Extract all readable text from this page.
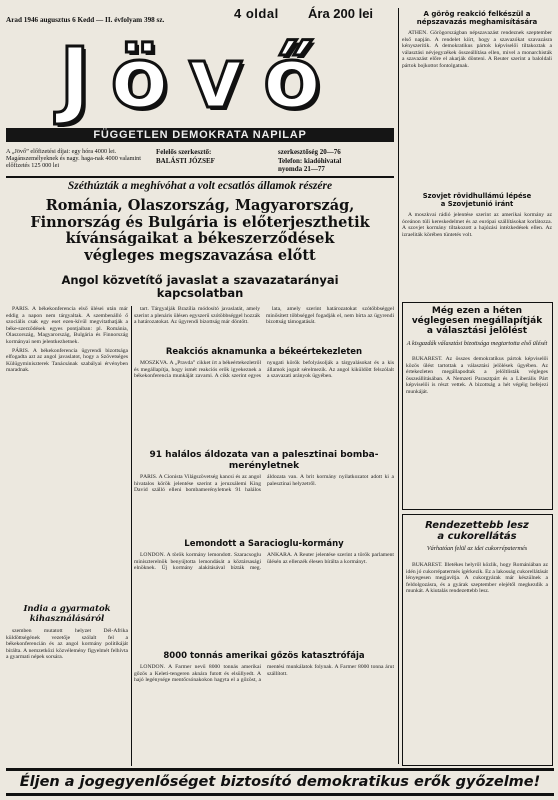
Arad 1946 augusztus 6 Kedd — II. évfolyam 398 sz.	4 oldal Ára 200 lei
Jövő
FÜGGETLEN DEMOKRATA NAPILAP
A „Jövő” előfizetési díjai: egy hóra 4000 lei. Magánszemélyeknek és nagy. haga-nak 4000 valamint előfizetés 125 000 lei
Felelős szerkesztő:
BALÁSTI JÓZSEF
szerkesztőség 20—76
Telefon: kiadóhivatal
nyomda 21—77
Széthúzták a meghívóhat a volt ecsatlós államok részére
Románia, Olaszország, Magyarország,
Finnország és Bulgária is előterjeszthetik
kívánságaikat a békeszerződések
végleges megszavazása előtt
Angol közvetítő javaslat a szavazatarányai
kapcsolatban

PÁRIS. A békekonferencia első ülései után már eddig a napon nem tárgyaltak. A szembenálló ő szociális csak egy eset ezen-kívül megvitathatják a béke-szerződések egyes pontjaiban: pl. Románia, Olaszország, Magyarország, Bulgária és Finnország kormányai nem jelentkezhetnek.

PÁRIS. A békekonferencia ügyrendi bizottsága elfogadta azt az angol javaslatot, hogy a Szövetséges Külügyminiszterek Tanácsának szabályai érvényben maradnak.

tart. Tárgyalják Brazília módosító javaslatát, amely szerint a plenáris ülésen egyszerű szótöbbséggel hozzák a határozatokat. Az ügyrendi bizottság már döntött.

lata, amely szerint határozatokat szótöbbséggel minősített többséggel fogadják el, nem bírta az ügyrendi bizottság támogatását.

Reakciós aknamunka a békeértekezleten

MOSZKVA. A „Pravda” cikket írt a békeértekezletről és megállapítja, hogy ismét reakciós erők igyekeznek a békekonferencia munkáját zavarni. A cikk szerint egyes nyugati körök befolyásolják a tárgyalásokat és a kis államok jogait sérelmezik. Az angol kiküldött felszólalt a szavazati arányok ügyében.

91 halálos áldozata van a palesztinai bomba-merényletnek

PÁRIS. A Cionista Világszövetség kancsi és az angol hivatalos körök jelentése szerint a jeruzsálemi King David szálló elleni bombamerényletnek 91 halálos áldozata van. A brit kormány nyilatkozatot adott ki a palesztinai helyzetről.

Lemondott a Saracioglu-kormány

LONDON. A török kormány lemondott. Szaracsoglu miniszterelnök benyújtotta lemondását a köztársasági elnöknek. Új kormány alakításával bízták meg. ANKARA. A Reuter jelentése szerint a török parlament ülésén az ellenzék élesen bírálta a kormányt.

8000 tonnás amerikai gőzös katasztrófája

LONDON. A Farmer nevű 8000 tonnás amerikai gőzös a Keleti-tengeren aknára futott és elsüllyedt. A hajó legénysége mentőcsónakokon hagyta el a gőzöst, a mentési munkálatok folynak. A Farmer 8000 tonna árut szállított.

India a gyarmatok kihasználásáról

szemben mutatott helyzet Dél-Afrika küldöttségének vezetője szólalt fel a békekonferencián és az angol kormány politikáját bírálta. A nemzetközi közvélemény figyelmét felhívta a gyarmati népek sorsára.

A görög reakció felkészül a
népszavazás meghamisítására

ATHÉN. Görögországban népszavazást rendeznek szeptember első napján. A rendelet kiírt, hogy a szavazókat szavazásra kényszerítik. A demokratikus pártok képviselői tiltakoztak a választási névjegyzékek összeállítása ellen, mivel a monarchisták a szavazást előre el akarják dönteni. A Reuter szerint a baloldali pártok bojkottot fontolgatnak.

Szovjet rövidhullámú lépése
a Szovjetunió iránt

A moszkvai rádió jelentése szerint az amerikai kormány az óceánon túli kereskedelmet és az európai szállításokat korlátozza. A szovjet kormány tiltakozott a hajózási intézkedések ellen. Az izraeliták körében tüntetés volt.

Még ezen a héten
véglegesen megállapítják
a választási jelölést
A kisgazdák választási bizottsága megtartotta első ülését

BUKAREST. Az összes demokratikus pártok képviselői közös ülést tartottak a választási jelölések ügyében. Az értekezleten megállapodtak a jelöltlisták végleges összeállításában. A Nemzeti Parasztpárt és a Liberális Párt képviselői is részt vettek. A bizottság a hét végéig befejezi munkáját.

Rendezettebb lesz
a cukorellátás
Várhatóan felül az idei cukorrépatermés

BUKAREST. Illetékes helyről közlik, hogy Romániában az idén jó cukorrépatermés ígérkezik. Ez a lakosság cukorellátását lényegesen megjavítja. A cukorgyárak már készülnek a feldolgozásra, és a gyárak szeptember elejétől megkezdik a munkát. A kiutalás rendezettebb lesz.

Éljen a jogegyenlőséget biztosító demokratikus erők győzelme!
